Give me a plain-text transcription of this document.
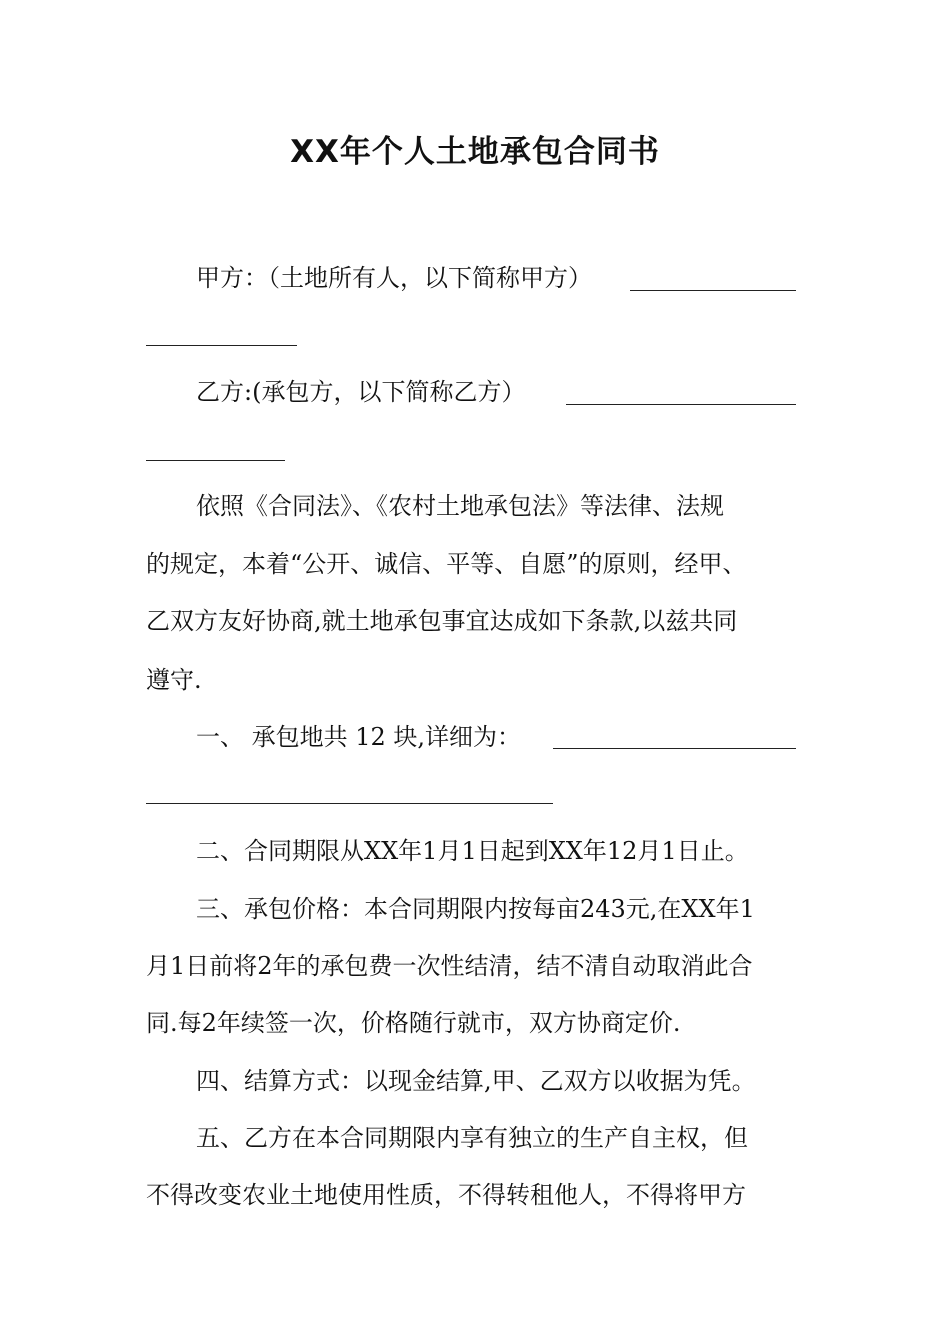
XX年个人土地承包合同书
甲方：（土地所有人，以下简称甲方）
乙方:(承包方，以下简称乙方）
依照《合同法》、《农村土地承包法》等法律、法规
的规定，本着“公开、诚信、平等、自愿”的原则，经甲、
乙双方友好协商,就土地承包事宜达成如下条款,以兹共同
遵守.
一、 承包地共 12 块,详细为：
二、合同期限从XX年1月1日起到XX年12月1日止。
三、承包价格：本合同期限内按每亩243元,在XX年1
月1日前将2年的承包费一次性结清，结不清自动取消此合
同.每2年续签一次，价格随行就市，双方协商定价.
四、结算方式：以现金结算,甲、乙双方以收据为凭。
五、乙方在本合同期限内享有独立的生产自主权，但
不得改变农业土地使用性质，不得转租他人，不得将甲方
